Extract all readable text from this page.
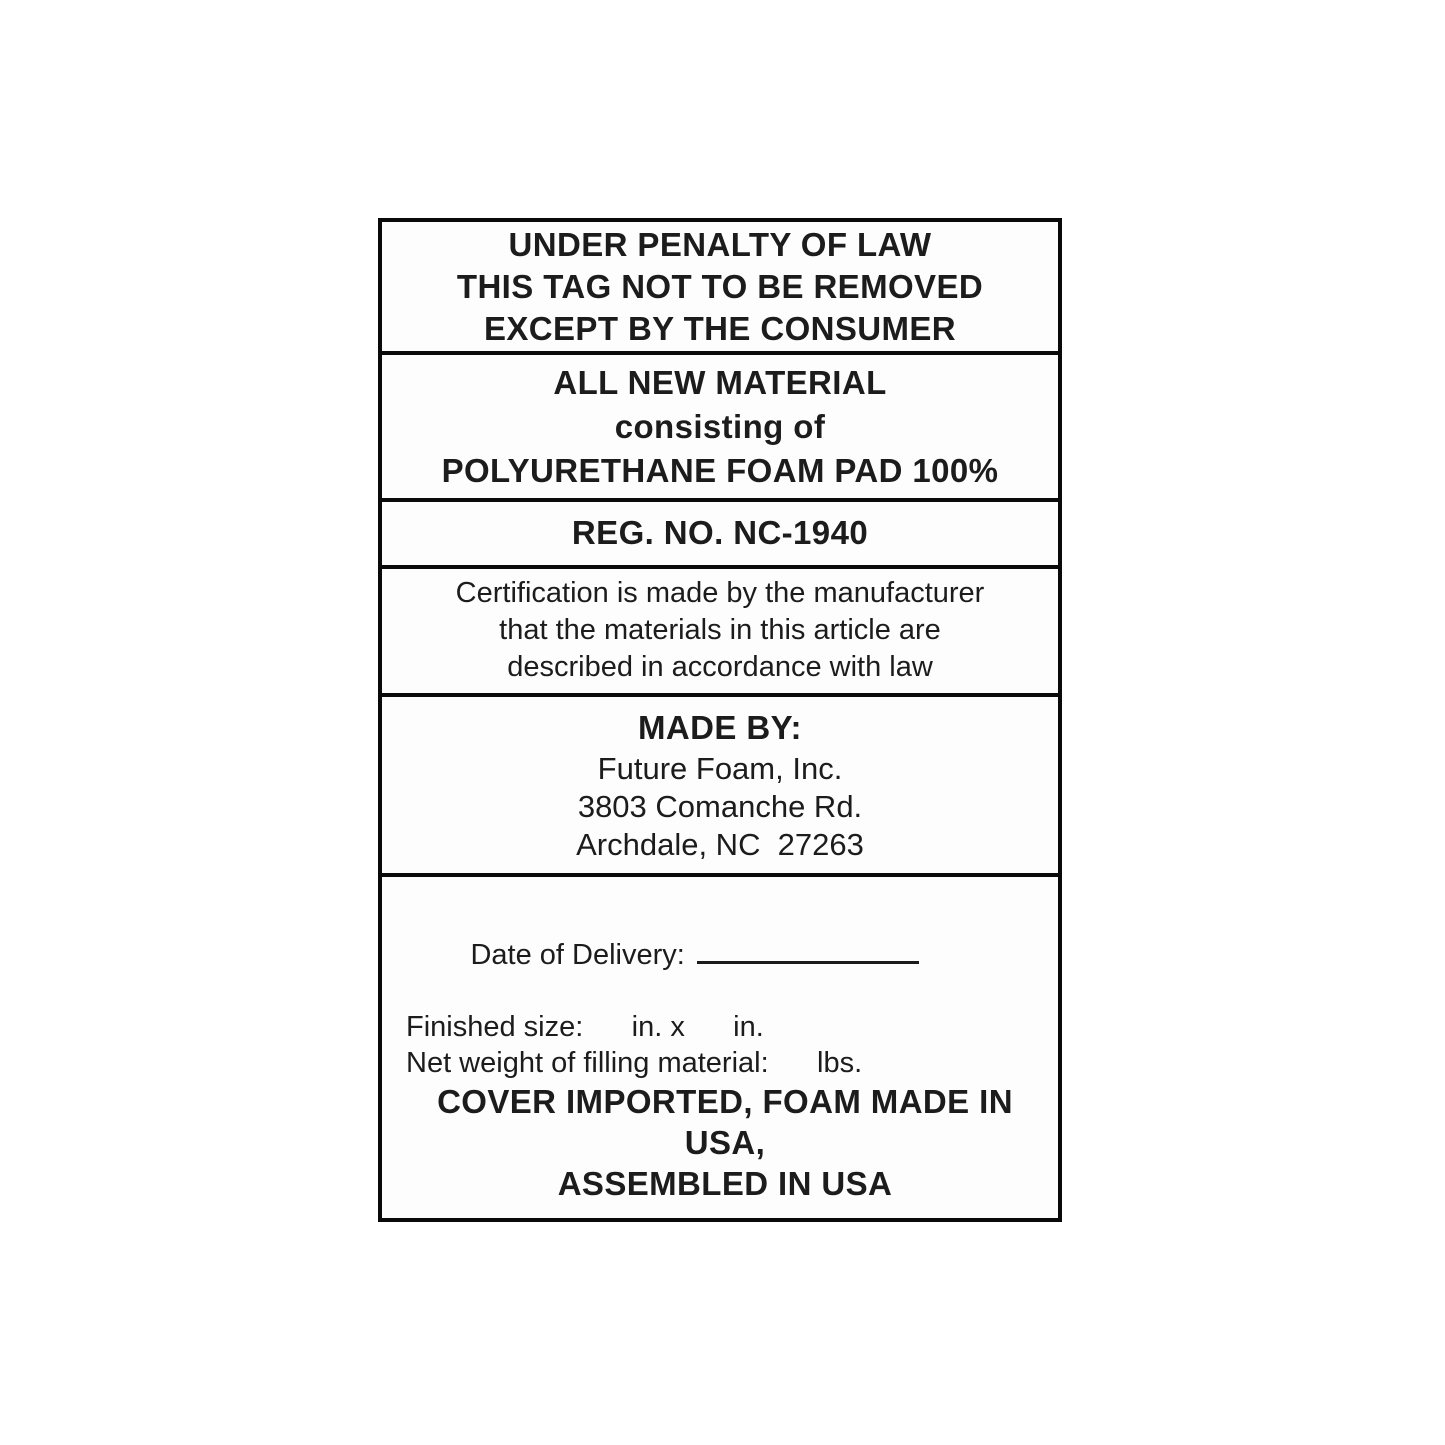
UNDER PENALTY OF LAW
THIS TAG NOT TO BE REMOVED
EXCEPT BY THE CONSUMER
ALL NEW MATERIAL
consisting of
POLYURETHANE FOAM PAD 100%
REG. NO. NC-1940
Certification is made by the manufacturer
that the materials in this article are
described in accordance with law
MADE BY:
Future Foam, Inc.
3803 Comanche Rd.
Archdale, NC  27263

Date of Delivery:

Finished size:      in. x      in.
Net weight of filling material:      lbs.
COVER IMPORTED, FOAM MADE IN USA,
ASSEMBLED IN USA
